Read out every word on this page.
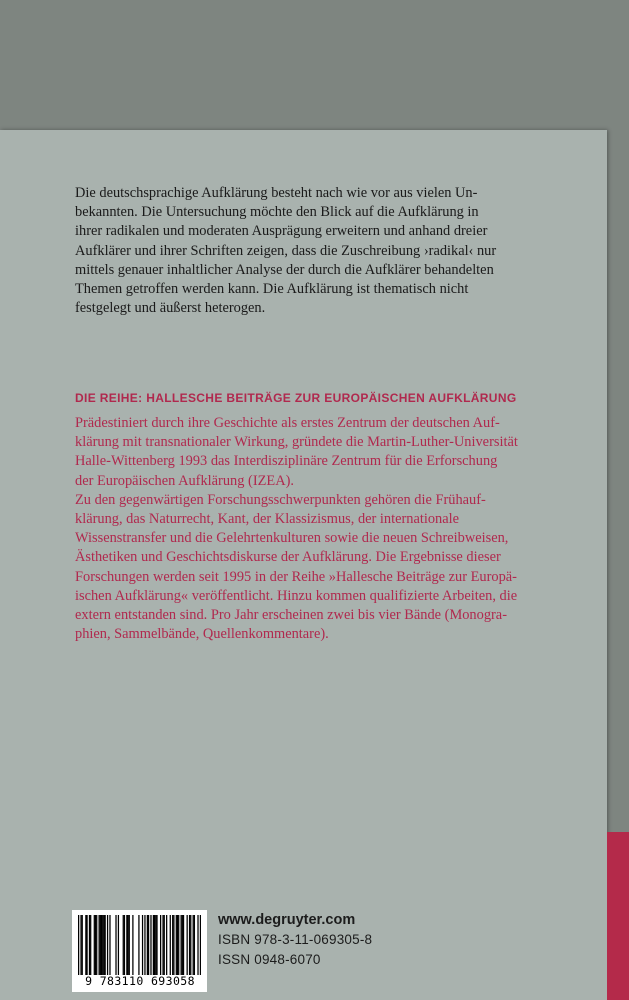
Die deutschsprachige Aufklärung besteht nach wie vor aus vielen Un-

bekannten. Die Untersuchung möchte den Blick auf die Aufklärung in

ihrer radikalen und moderaten Ausprägung erweitern und anhand dreier

Aufklärer und ihrer Schriften zeigen, dass die Zuschreibung ›radikal‹ nur

mittels genauer inhaltlicher Analyse der durch die Aufklärer behandelten

Themen getroffen werden kann. Die Aufklärung ist thematisch nicht

festgelegt und äußerst heterogen.

DIE REIHE: HALLESCHE BEITRÄGE ZUR EUROPÄISCHEN AUFKLÄRUNG

Prädestiniert durch ihre Geschichte als erstes Zentrum der deutschen Auf-

klärung mit transnationaler Wirkung, gründete die Martin-Luther-Universität

Halle-Wittenberg 1993 das Interdisziplinäre Zentrum für die Erforschung

der Europäischen Aufklärung (IZEA).

Zu den gegenwärtigen Forschungsschwerpunkten gehören die Frühauf-

klärung, das Naturrecht, Kant, der Klassizismus, der internationale

Wissenstransfer und die Gelehrtenkulturen sowie die neuen Schreibweisen,

Ästhetiken und Geschichtsdiskurse der Aufklärung. Die Ergebnisse dieser

Forschungen werden seit 1995 in der Reihe »Hallesche Beiträge zur Europä-

ischen Aufklärung« veröffentlicht. Hinzu kommen qualifizierte Arbeiten, die

extern entstanden sind. Pro Jahr erscheinen zwei bis vier Bände (Monogra-

phien, Sammelbände, Quellenkommentare).

9 783110 693058
www.degruyter.com
ISBN 978-3-11-069305-8
ISSN 0948-6070
